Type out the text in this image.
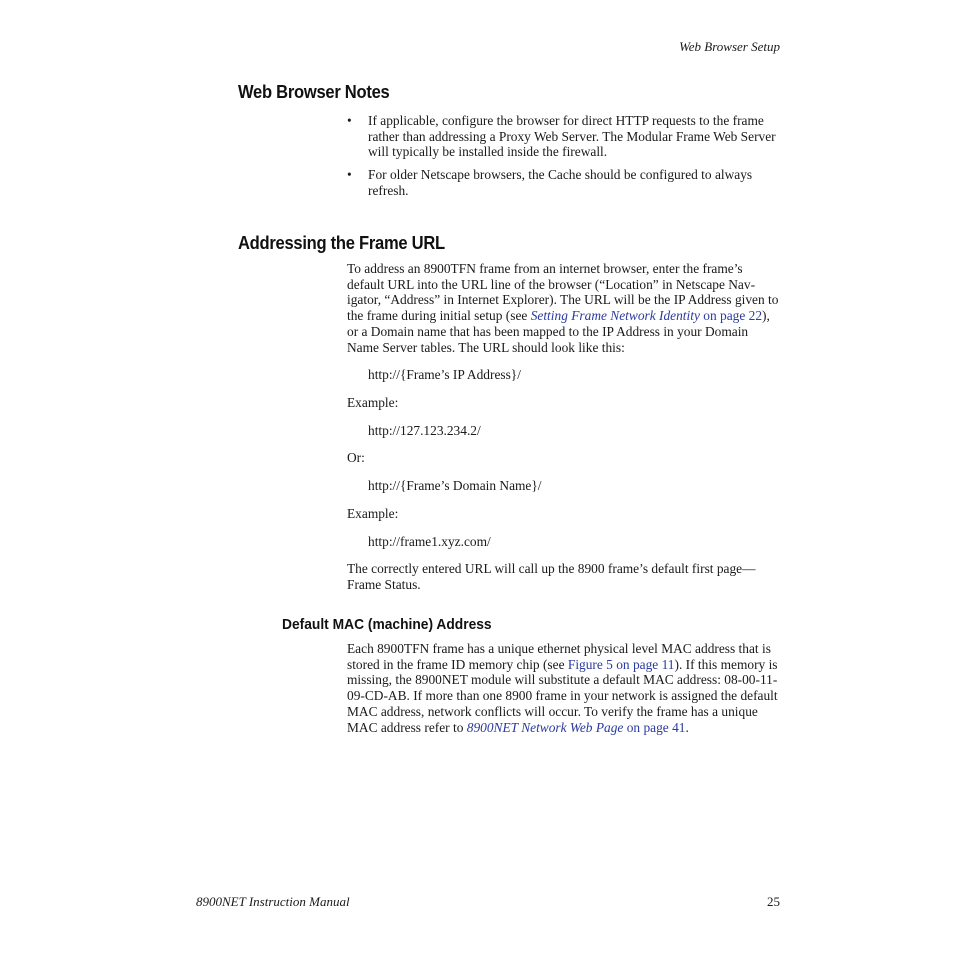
Web Browser Setup
Web Browser Notes
• If applicable, configure the browser for direct HTTP requests to the frame rather than addressing a Proxy Web Server. The Modular Frame Web Server will typically be installed inside the firewall.
• For older Netscape browsers, the Cache should be configured to always refresh.
Addressing the Frame URL
To address an 8900TFN frame from an internet browser, enter the frame’s default URL into the URL line of the browser (“Location” in Netscape Nav-igator, “Address” in Internet Explorer). The URL will be the IP Address given to the frame during initial setup (see Setting Frame Network Identity on page 22), or a Domain name that has been mapped to the IP Address in your Domain Name Server tables. The URL should look like this:
http://{Frame’s IP Address}/
Example:
http://127.123.234.2/
Or:
http://{Frame’s Domain Name}/
Example:
http://frame1.xyz.com/
The correctly entered URL will call up the 8900 frame’s default first page—Frame Status.
Default MAC (machine) Address
Each 8900TFN frame has a unique ethernet physical level MAC address that is stored in the frame ID memory chip (see Figure 5 on page 11). If this memory is missing, the 8900NET module will substitute a default MAC address: 08-00-11-09-CD-AB. If more than one 8900 frame in your network is assigned the default MAC address, network conflicts will occur. To verify the frame has a unique MAC address refer to 8900NET Network Web Page on page 41.
8900NET Instruction Manual	25
